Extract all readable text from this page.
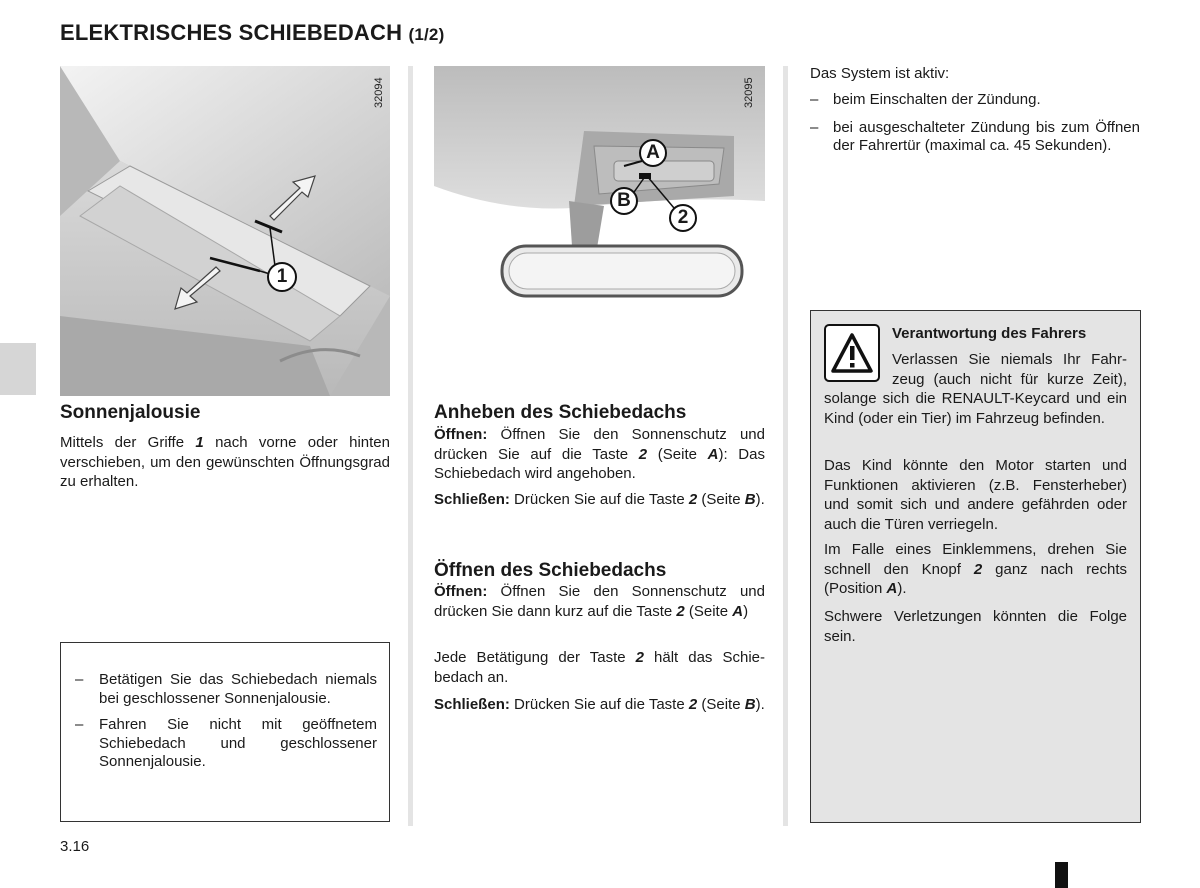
ELEKTRISCHES SCHIEBEDACH (1/2)
1
32094
A
B
2
32095
Sonnenjalousie
Mittels der Griffe 1 nach vorne oder hinten verschieben, um den gewünschten Öffnungsgrad zu erhalten.
– Betätigen Sie das Schiebedach niemals bei geschlossener Sonnenjalousie.
– Fahren Sie nicht mit geöffnetem Schiebedach und geschlossener Sonnenjalousie.
Anheben des Schiebedachs
Öffnen: Öffnen Sie den Sonnenschutz und drücken Sie auf die Taste 2 (Seite A): Das Schiebedach wird angehoben.
Schließen: Drücken Sie auf die Taste 2 (Seite B).
Öffnen des Schiebedachs
Öffnen: Öffnen Sie den Sonnenschutz und drücken Sie dann kurz auf die Taste 2 (Seite A)
Jede Betätigung der Taste 2 hält das Schiebedach an.
Schließen: Drücken Sie auf die Taste 2 (Seite B).
Das System ist aktiv:
– beim Einschalten der Zündung.
– bei ausgeschalteter Zündung bis zum Öffnen der Fahrertür (maximal ca. 45 Sekunden).
Verantwortung des Fahrers
Verlassen Sie niemals Ihr Fahrzeug (auch nicht für kurze Zeit), solange sich die RENAULT-Keycard und ein Kind (oder ein Tier) im Fahrzeug befinden.
Das Kind könnte den Motor starten und Funktionen aktivieren (z.B. Fensterheber) und somit sich und andere gefährden oder auch die Türen verriegeln.
Im Falle eines Einklemmens, drehen Sie schnell den Knopf 2 ganz nach rechts (Position A).
Schwere Verletzungen könnten die Folge sein.
3.16
